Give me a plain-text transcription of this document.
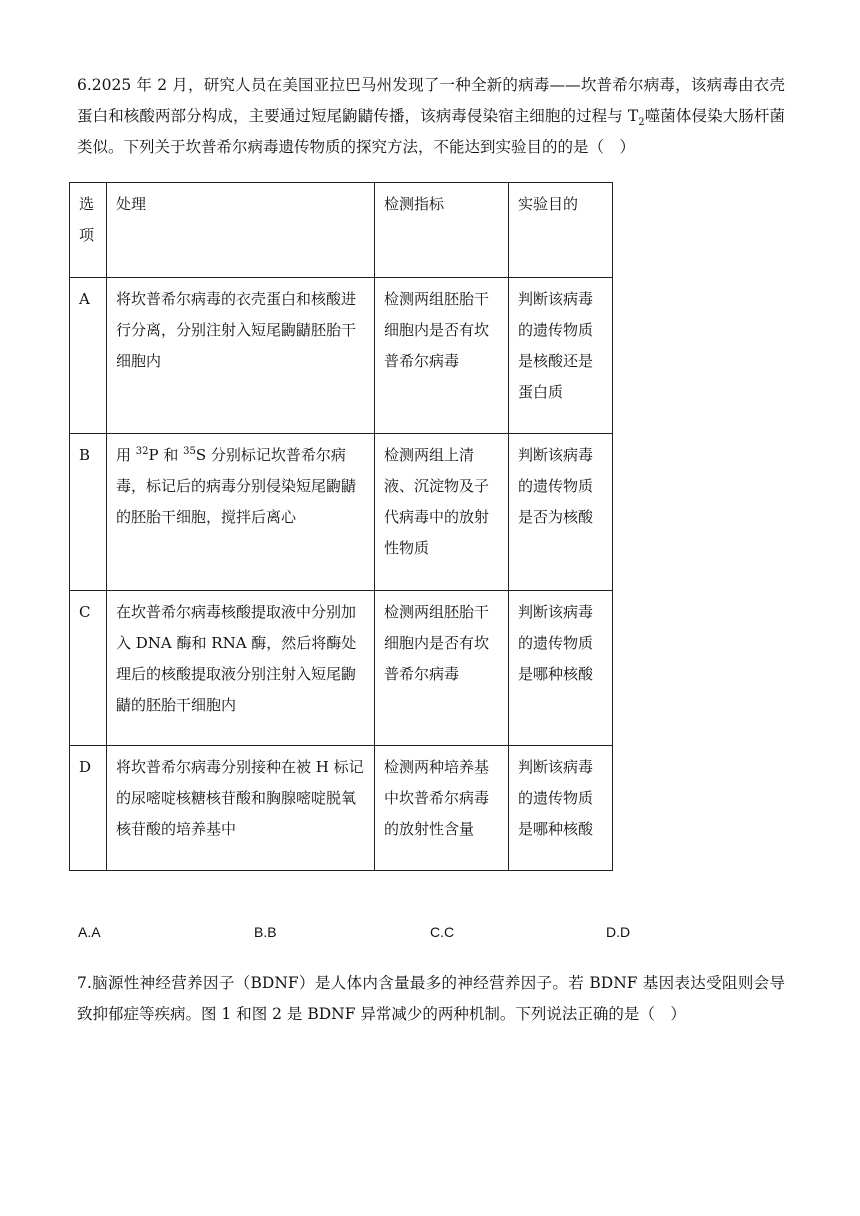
6.2025 年 2 月，研究人员在美国亚拉巴马州发现了一种全新的病毒——坎普希尔病毒，该病毒由衣壳蛋白和核酸两部分构成，主要通过短尾鼩鼱传播，该病毒侵染宿主细胞的过程与 $T_2$噬菌体侵染大肠杆菌类似。下列关于坎普希尔病毒遗传物质的探究方法，不能达到实验目的的是（　）
选项	处理	检测指标	实验目的
A	将坎普希尔病毒的衣壳蛋白和核酸进行分离，分别注射入短尾鼩鼱胚胎干细胞内	检测两组胚胎干细胞内是否有坎普希尔病毒	判断该病毒的遗传物质是核酸还是蛋白质
B	用 $^{32}$P 和 $^{35}$S 分别标记坎普希尔病毒，标记后的病毒分别侵染短尾鼩鼱的胚胎干细胞，搅拌后离心	检测两组上清液、沉淀物及子代病毒中的放射性物质	判断该病毒的遗传物质是否为核酸
C	在坎普希尔病毒核酸提取液中分别加入 DNA 酶和 RNA 酶，然后将酶处理后的核酸提取液分别注射入短尾鼩鼱的胚胎干细胞内	检测两组胚胎干细胞内是否有坎普希尔病毒	判断该病毒的遗传物质是哪种核酸
D	将坎普希尔病毒分别接种在被 H 标记的尿嘧啶核糖核苷酸和胸腺嘧啶脱氧核苷酸的培养基中	检测两种培养基中坎普希尔病毒的放射性含量	判断该病毒的遗传物质是哪种核酸
A.A	B.B	C.C	D.D
7.脑源性神经营养因子（BDNF）是人体内含量最多的神经营养因子。若 BDNF 基因表达受阻则会导致抑郁症等疾病。图 1 和图 2 是 BDNF 异常减少的两种机制。下列说法正确的是（　）
